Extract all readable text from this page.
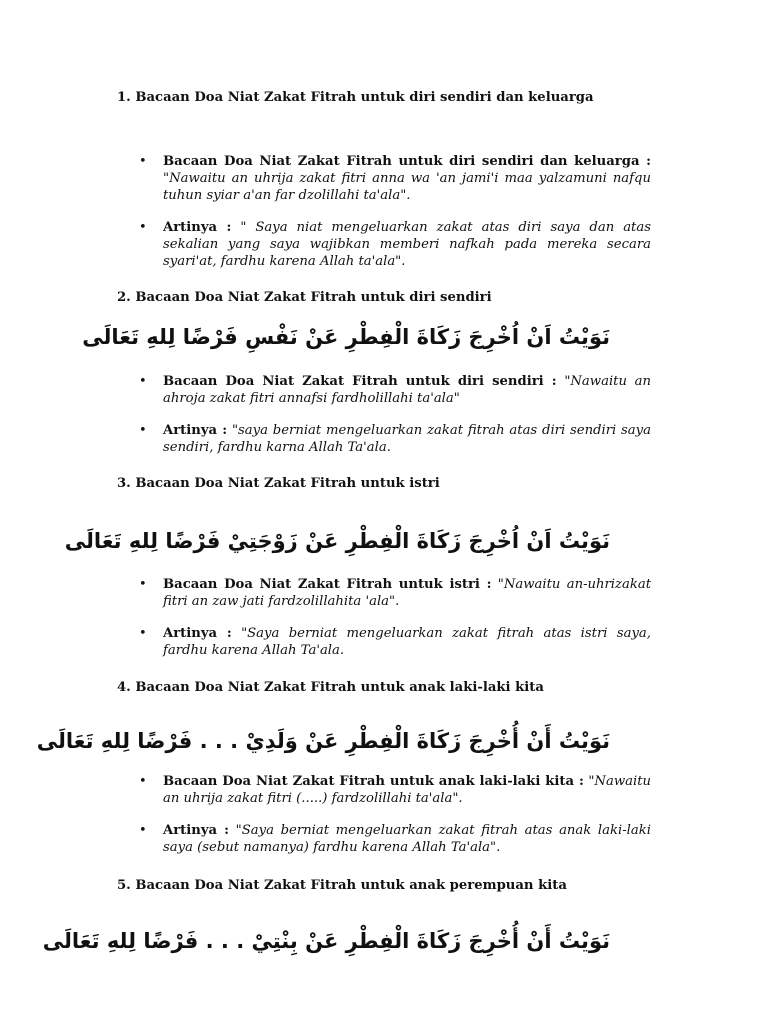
1. Bacaan Doa Niat Zakat Fitrah untuk diri sendiri dan keluarga
• Bacaan Doa Niat Zakat Fitrah untuk diri sendiri dan keluarga : "Nawaitu an uhrija zakat fitri anna wa 'an jami'i maa yalzamuni nafqu tuhun syiar a'an far dzolillahi ta'ala".
• Artinya : " Saya niat mengeluarkan zakat atas diri saya dan atas sekalian yang saya wajibkan memberi nafkah pada mereka secara syari'at, fardhu karena Allah ta'ala".
2. Bacaan Doa Niat Zakat Fitrah untuk diri sendiri
نَوَيْتُ اَنْ اُخْرِجَ زَكَاةَ الْفِطْرِ عَنْ نَفْسِ فَرْضًا لِلهِ تَعَالَى
• Bacaan Doa Niat Zakat Fitrah untuk diri sendiri : "Nawaitu an ahroja zakat fitri annafsi fardholillahi ta'ala"
• Artinya : "saya berniat mengeluarkan zakat fitrah atas diri sendiri saya sendiri, fardhu karna Allah Ta'ala.
3. Bacaan Doa Niat Zakat Fitrah untuk istri
نَوَيْتُ اَنْ اُخْرِجَ زَكَاةَ الْفِطْرِ عَنْ زَوْجَتِيْ فَرْضًا لِلهِ تَعَالَى
• Bacaan Doa Niat Zakat Fitrah untuk istri : "Nawaitu an-uhrizakat fitri an zaw jati fardzolillahita 'ala".
• Artinya : "Saya berniat mengeluarkan zakat fitrah atas istri saya, fardhu karena Allah Ta'ala.
4. Bacaan Doa Niat Zakat Fitrah untuk anak laki-laki kita
نَوَيْتُ أَنْ أُخْرِجَ زَكَاةَ الْفِطْرِ عَنْ وَلَدِيْ . . . فَرْضًا لِلهِ تَعَالَى
• Bacaan Doa Niat Zakat Fitrah untuk anak laki-laki kita : "Nawaitu an uhrija zakat fitri (.....) fardzolillahi ta'ala".
• Artinya : "Saya berniat mengeluarkan zakat fitrah atas anak laki-laki saya (sebut namanya) fardhu karena Allah Ta'ala".
5. Bacaan Doa Niat Zakat Fitrah untuk anak perempuan kita
نَوَيْتُ أَنْ أُخْرِجَ زَكَاةَ الْفِطْرِ عَنْ بِنْتِيْ . . . فَرْضًا لِلهِ تَعَالَى
